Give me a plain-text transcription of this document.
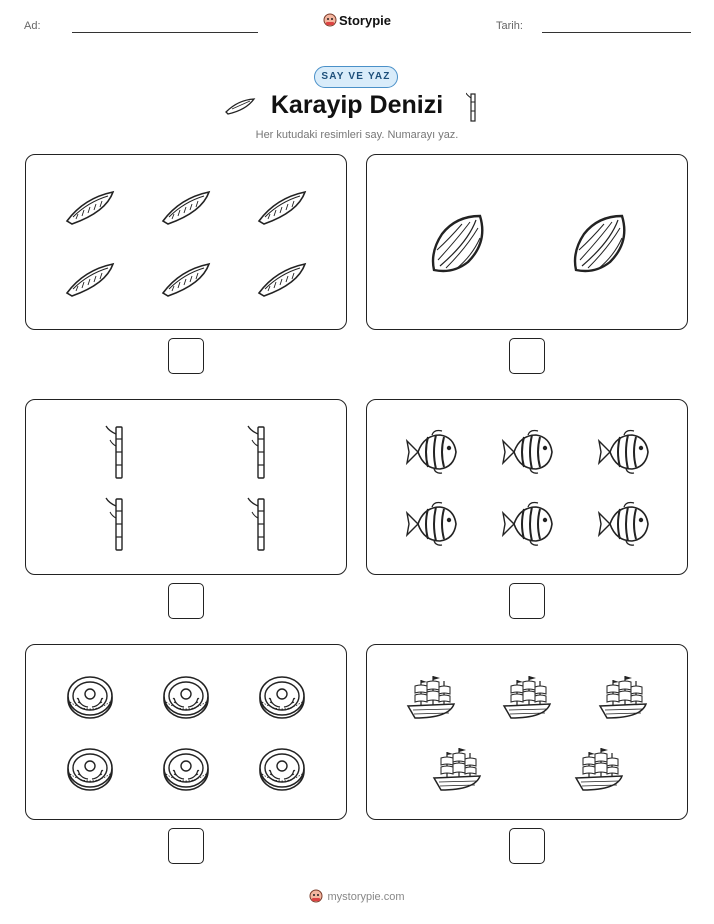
Ad:	Storypie	Tarih:
SAY VE YAZ
Karayip Denizi
Her kutudaki resimleri say. Numarayı yaz.
mystorypie.com
